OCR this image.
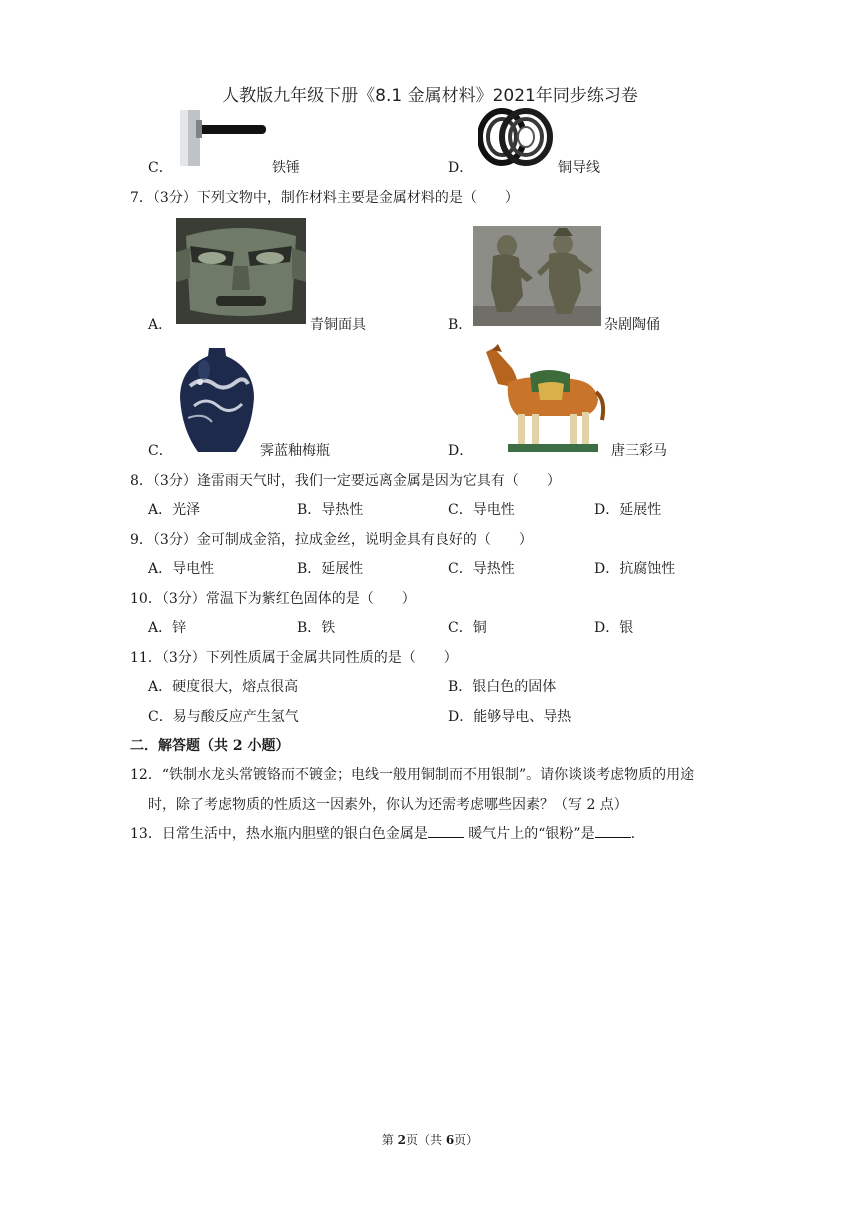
人教版九年级下册《8.1 金属材料》2021年同步练习卷
C．	铁锤	D．	铜导线
7．（3分）下列文物中，制作材料主要是金属材料的是（　　）
A．	青铜面具	B．	杂剧陶俑
C．	霁蓝釉梅瓶	D．	唐三彩马
8．（3分）逢雷雨天气时，我们一定要远离金属是因为它具有（　　）
A．光泽	B．导热性	C．导电性	D．延展性
9．（3分）金可制成金箔，拉成金丝，说明金具有良好的（　　）
A．导电性	B．延展性	C．导热性	D．抗腐蚀性
10．（3分）常温下为紫红色固体的是（　　）
A．锌	B．铁	C．铜	D．银
11．（3分）下列性质属于金属共同性质的是（　　）
A．硬度很大，熔点很高	B．银白色的固体
C．易与酸反应产生氢气	D．能够导电、导热
二．解答题（共 2 小题）
12．“铁制水龙头常镀铬而不镀金；电线一般用铜制而不用银制”。请你谈谈考虑物质的用途
时，除了考虑物质的性质这一因素外，你认为还需考虑哪些因素？（写 2 点）
13．日常生活中，热水瓶内胆壁的银白色金属是	暖气片上的“银粉”是	.
第 2页（共 6页）
